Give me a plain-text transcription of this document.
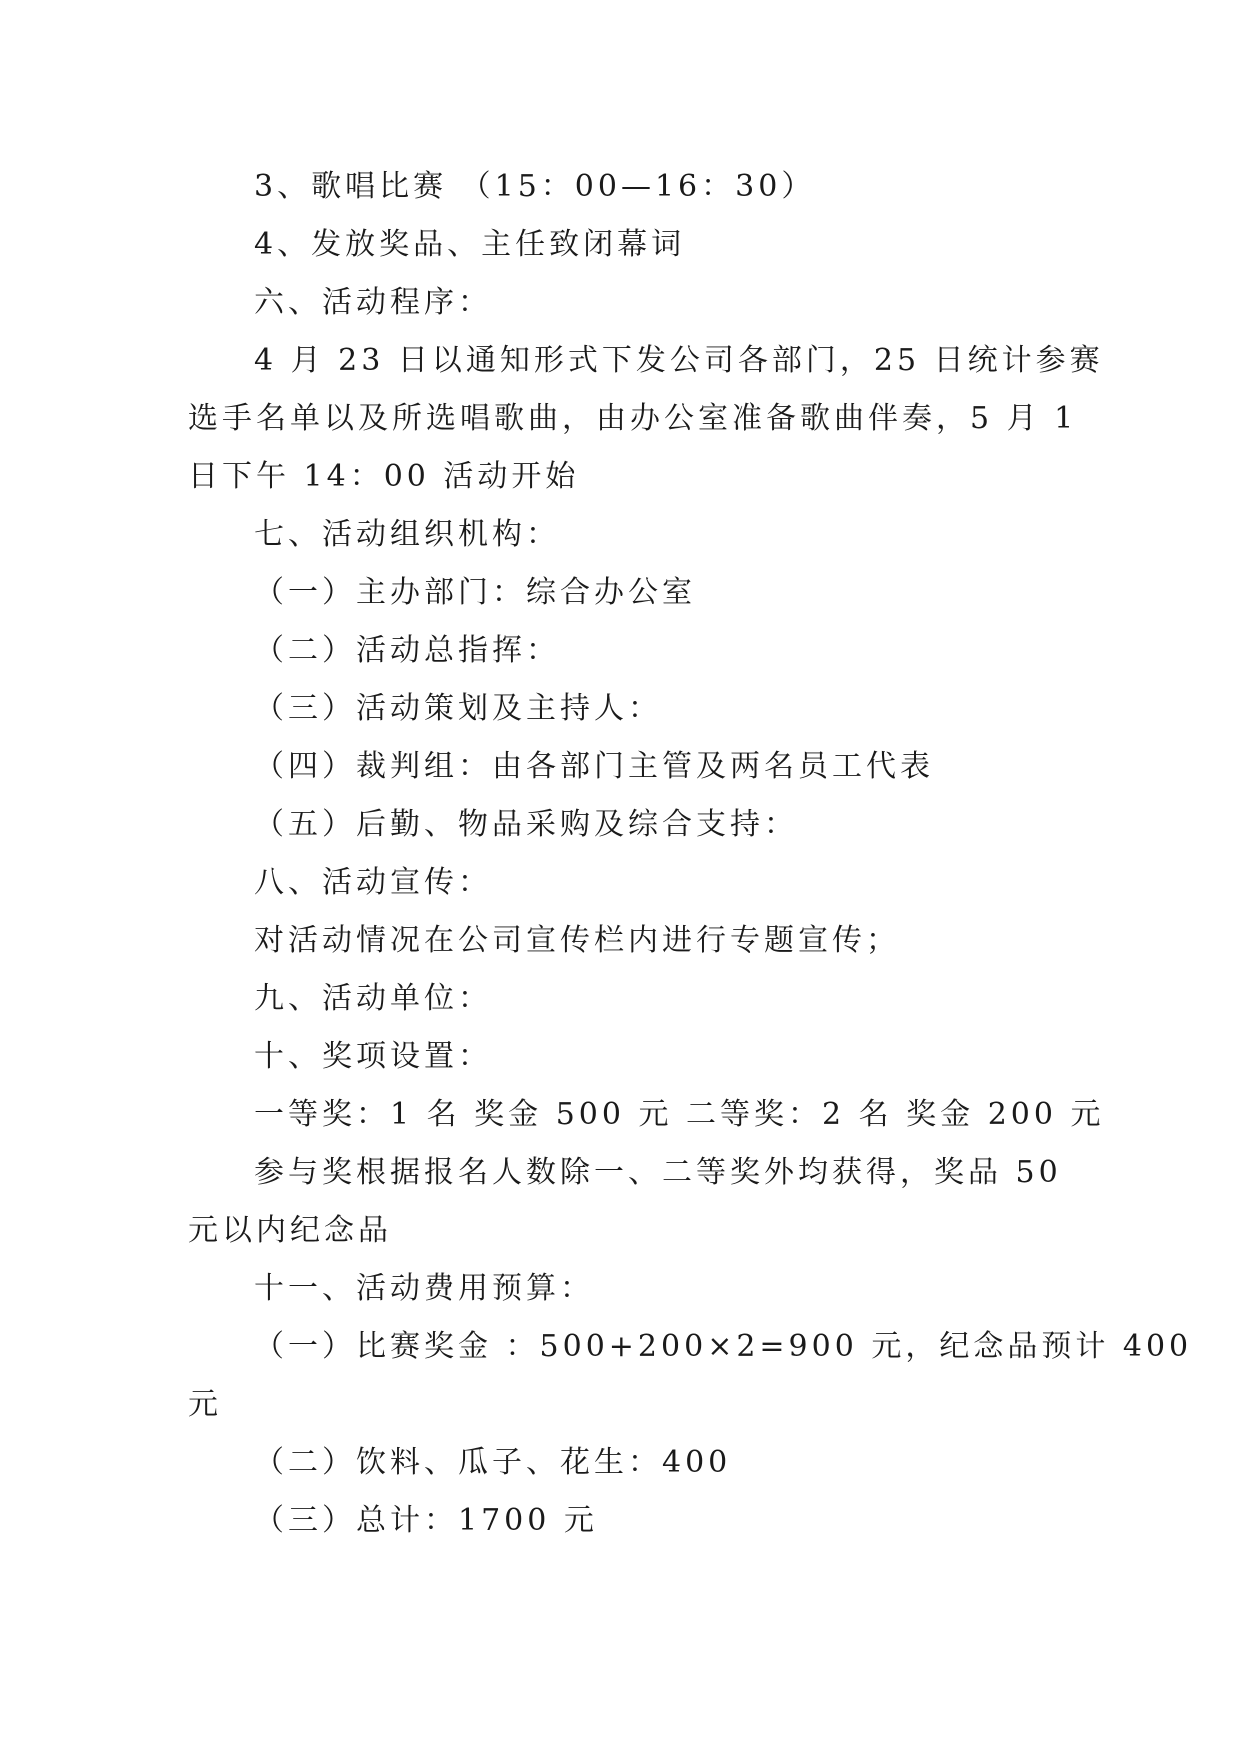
3、歌唱比赛 （15：00—16：30）
4、发放奖品、主任致闭幕词
六、活动程序：
4 月 23 日以通知形式下发公司各部门，25 日统计参赛
选手名单以及所选唱歌曲，由办公室准备歌曲伴奏，5 月 1
日下午 14：00 活动开始
七、活动组织机构：
（一）主办部门：综合办公室
（二）活动总指挥：
（三）活动策划及主持人：
（四）裁判组：由各部门主管及两名员工代表
（五）后勤、物品采购及综合支持：
八、活动宣传：
对活动情况在公司宣传栏内进行专题宣传；
九、活动单位：
十、奖项设置：
一等奖：1 名 奖金 500 元 二等奖：2 名 奖金 200 元
参与奖根据报名人数除一、二等奖外均获得，奖品 50
元以内纪念品
十一、活动费用预算：
（一）比赛奖金 ：500+200×2=900 元，纪念品预计 400
元
（二）饮料、瓜子、花生：400
（三）总计：1700 元
